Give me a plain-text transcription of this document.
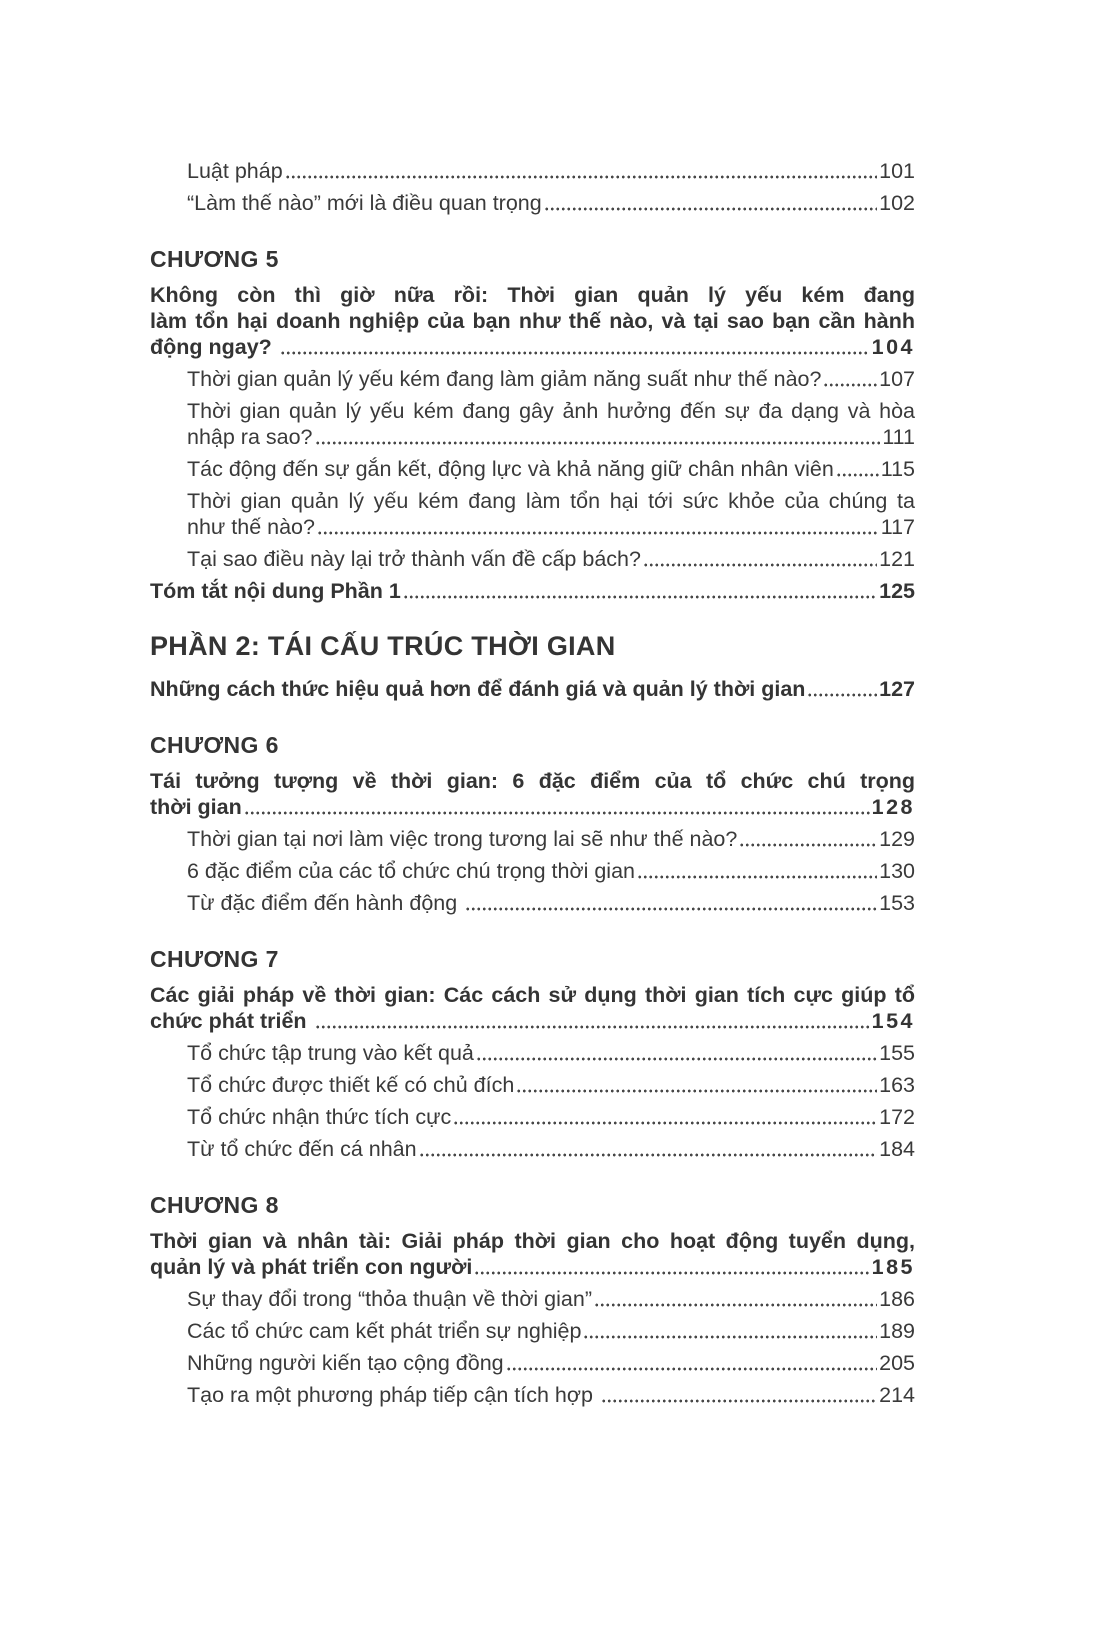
Luật pháp	101
“Làm thế nào” mới là điều quan trọng	102
CHƯƠNG 5
Không còn thì giờ nữa rồi: Thời gian quản lý yếu kém đang
làm tổn hại doanh nghiệp của bạn như thế nào, và tại sao bạn cần hành
động ngay?	104
Thời gian quản lý yếu kém đang làm giảm năng suất như thế nào?	107
Thời gian quản lý yếu kém đang gây ảnh hưởng đến sự đa dạng và hòa
nhập ra sao?	111
Tác động đến sự gắn kết, động lực và khả năng giữ chân nhân viên 115
Thời gian quản lý yếu kém đang làm tổn hại tới sức khỏe của chúng ta
như thế nào?	117
Tại sao điều này lại trở thành vấn đề cấp bách?	121
Tóm tắt nội dung Phần 1	125
PHẦN 2: TÁI CẤU TRÚC THỜI GIAN
Những cách thức hiệu quả hơn để đánh giá và quản lý thời gian	127
CHƯƠNG 6
Tái tưởng tượng về thời gian: 6 đặc điểm của tổ chức chú trọng
thời gian	128
Thời gian tại nơi làm việc trong tương lai sẽ như thế nào?	129
6 đặc điểm của các tổ chức chú trọng thời gian	130
Từ đặc điểm đến hành động	153
CHƯƠNG 7
Các giải pháp về thời gian: Các cách sử dụng thời gian tích cực giúp tổ
chức phát triển	154
Tổ chức tập trung vào kết quả	155
Tổ chức được thiết kế có chủ đích	163
Tổ chức nhận thức tích cực	172
Từ tổ chức đến cá nhân	184
CHƯƠNG 8
Thời gian và nhân tài: Giải pháp thời gian cho hoạt động tuyển dụng,
quản lý và phát triển con người	185
Sự thay đổi trong “thỏa thuận về thời gian”	186
Các tổ chức cam kết phát triển sự nghiệp	189
Những người kiến tạo cộng đồng	205
Tạo ra một phương pháp tiếp cận tích hợp	214
